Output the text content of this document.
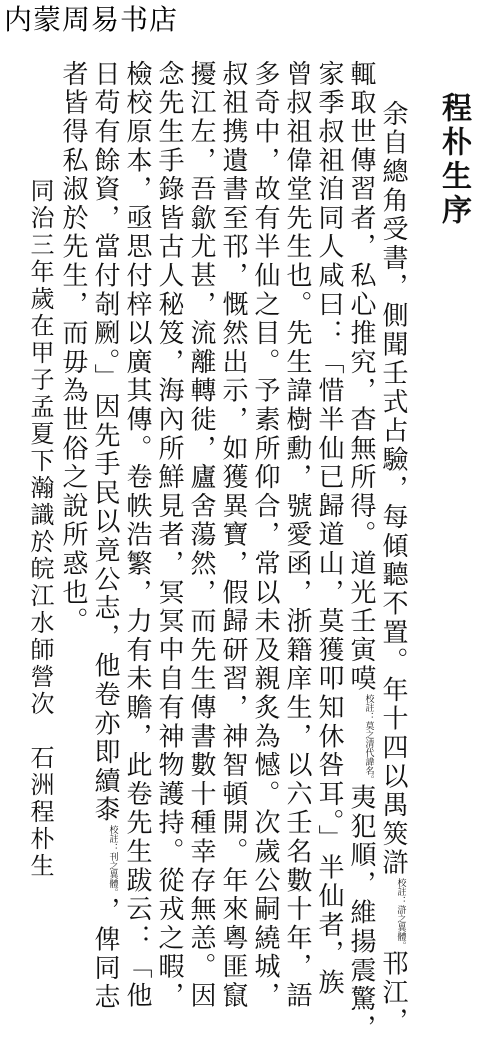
内蒙周易书店
程朴生序
余自總角受書，側聞壬式占驗，每傾聽不置。年十四以禺筴滸校註：滸之異體。邗江，
輒取世傳習者，私心推究，杳無所得。道光壬寅嗼校註：莫之清代諱名。夷犯順，維揚震驚，
家季叔祖洎同人咸曰：「惜半仙已歸道山，莫獲叩知休咎耳。」半仙者，族
曾叔祖偉堂先生也。先生諱樹勳，號愛函，浙籍庠生，以六壬名數十年，語
多奇中，故有半仙之目。予素所仰合，常以未及親炙為憾。次歲公嗣繞城，
叔祖携遺書至邗，慨然出示，如獲異寶，假歸研習，神智頓開。年來粵匪竄
擾江左，吾歙尤甚，流離轉徙，廬舍蕩然，而先生傳書數十種幸存無恙。因
念先生手錄皆古人秘笈，海內所鮮見者，冥冥中自有神物護持。從戎之暇，
檢校原本，亟思付梓以廣其傳。卷帙浩繁，力有未贍，此卷先生跋云：「他
日苟有餘資，當付剞劂。」因先手民以竟公志，他卷亦即續桼校註：刊之異體。，俾同志
者皆得私淑於先生，而毋為世俗之說所惑也。
同治三年歲在甲子孟夏下瀚識於皖江水師營次　石洲程朴生
